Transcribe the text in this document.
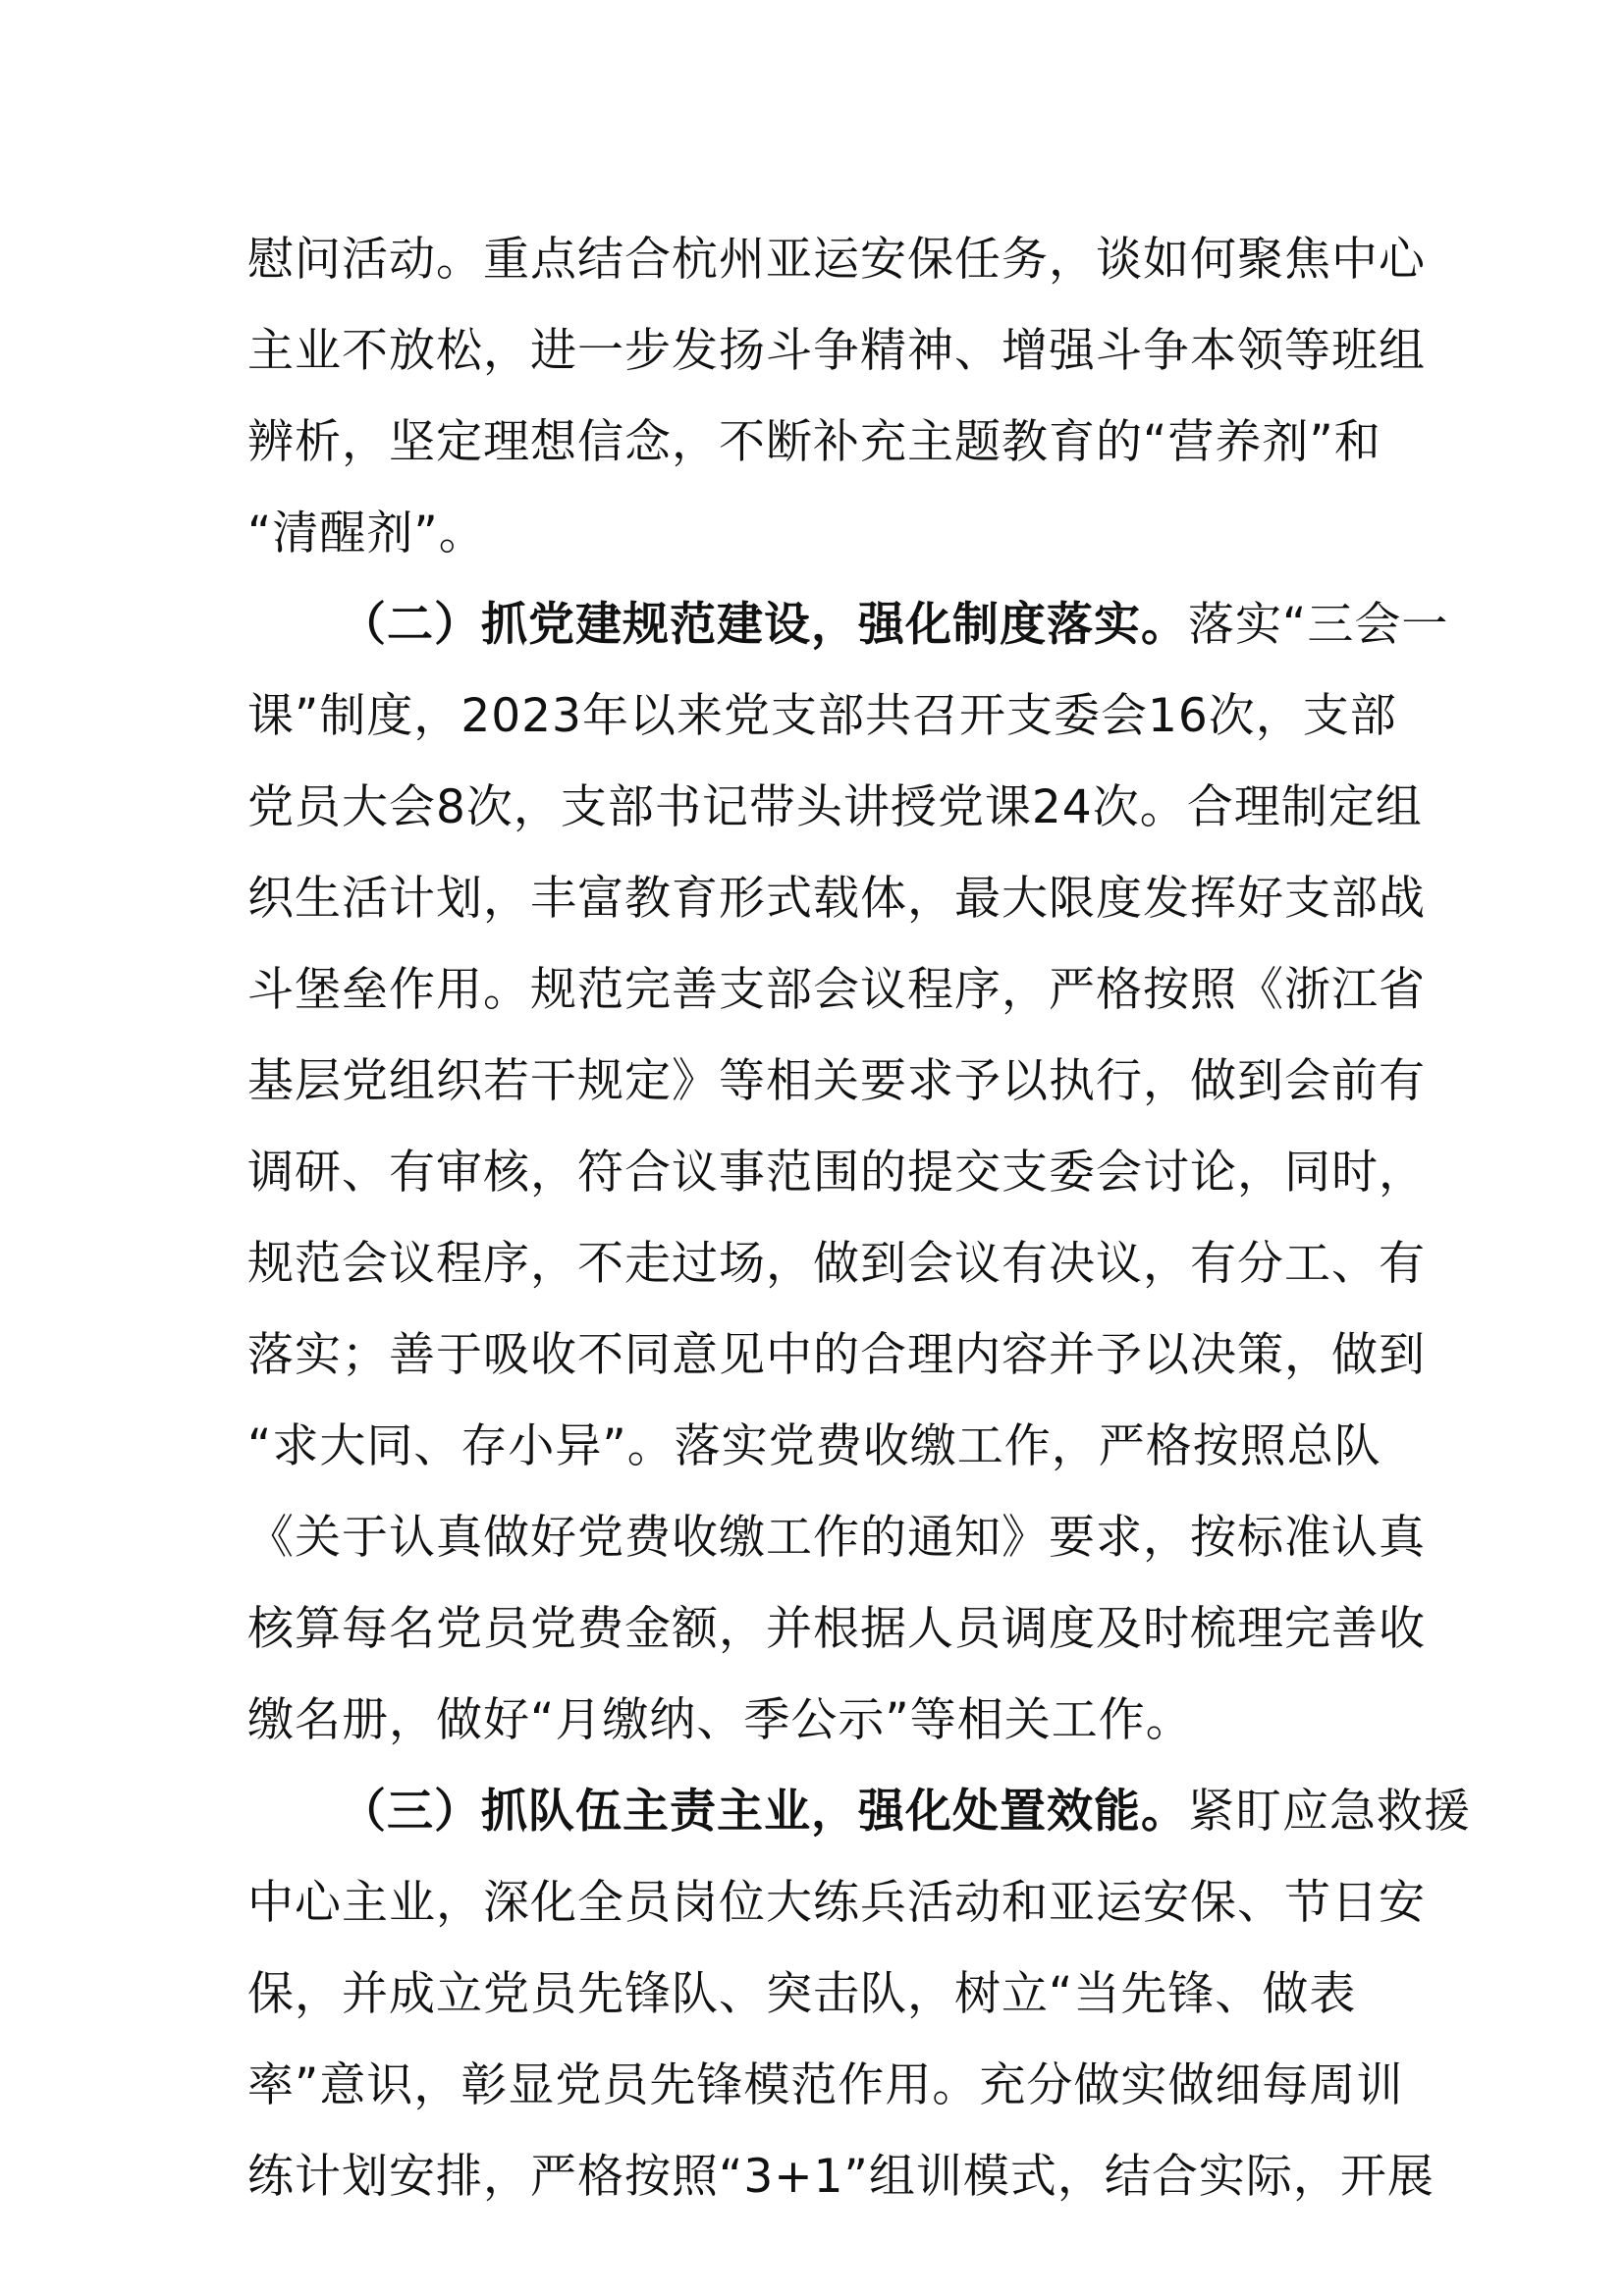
慰问活动。重点结合杭州亚运安保任务，谈如何聚焦中心
主业不放松，进一步发扬斗争精神、增强斗争本领等班组
辨析，坚定理想信念，不断补充主题教育的“营养剂”和
“清醒剂”。
（二）抓党建规范建设，强化制度落实。落实“三会一
课”制度，2023年以来党支部共召开支委会16次，支部
党员大会8次，支部书记带头讲授党课24次。合理制定组
织生活计划，丰富教育形式载体，最大限度发挥好支部战
斗堡垒作用。规范完善支部会议程序，严格按照《浙江省
基层党组织若干规定》等相关要求予以执行，做到会前有
调研、有审核，符合议事范围的提交支委会讨论，同时，
规范会议程序，不走过场，做到会议有决议，有分工、有
落实；善于吸收不同意见中的合理内容并予以决策，做到
“求大同、存小异”。落实党费收缴工作，严格按照总队
《关于认真做好党费收缴工作的通知》要求，按标准认真
核算每名党员党费金额，并根据人员调度及时梳理完善收
缴名册，做好“月缴纳、季公示”等相关工作。
（三）抓队伍主责主业，强化处置效能。紧盯应急救援
中心主业，深化全员岗位大练兵活动和亚运安保、节日安
保，并成立党员先锋队、突击队，树立“当先锋、做表
率”意识，彰显党员先锋模范作用。充分做实做细每周训
练计划安排，严格按照“3+1”组训模式，结合实际，开展
